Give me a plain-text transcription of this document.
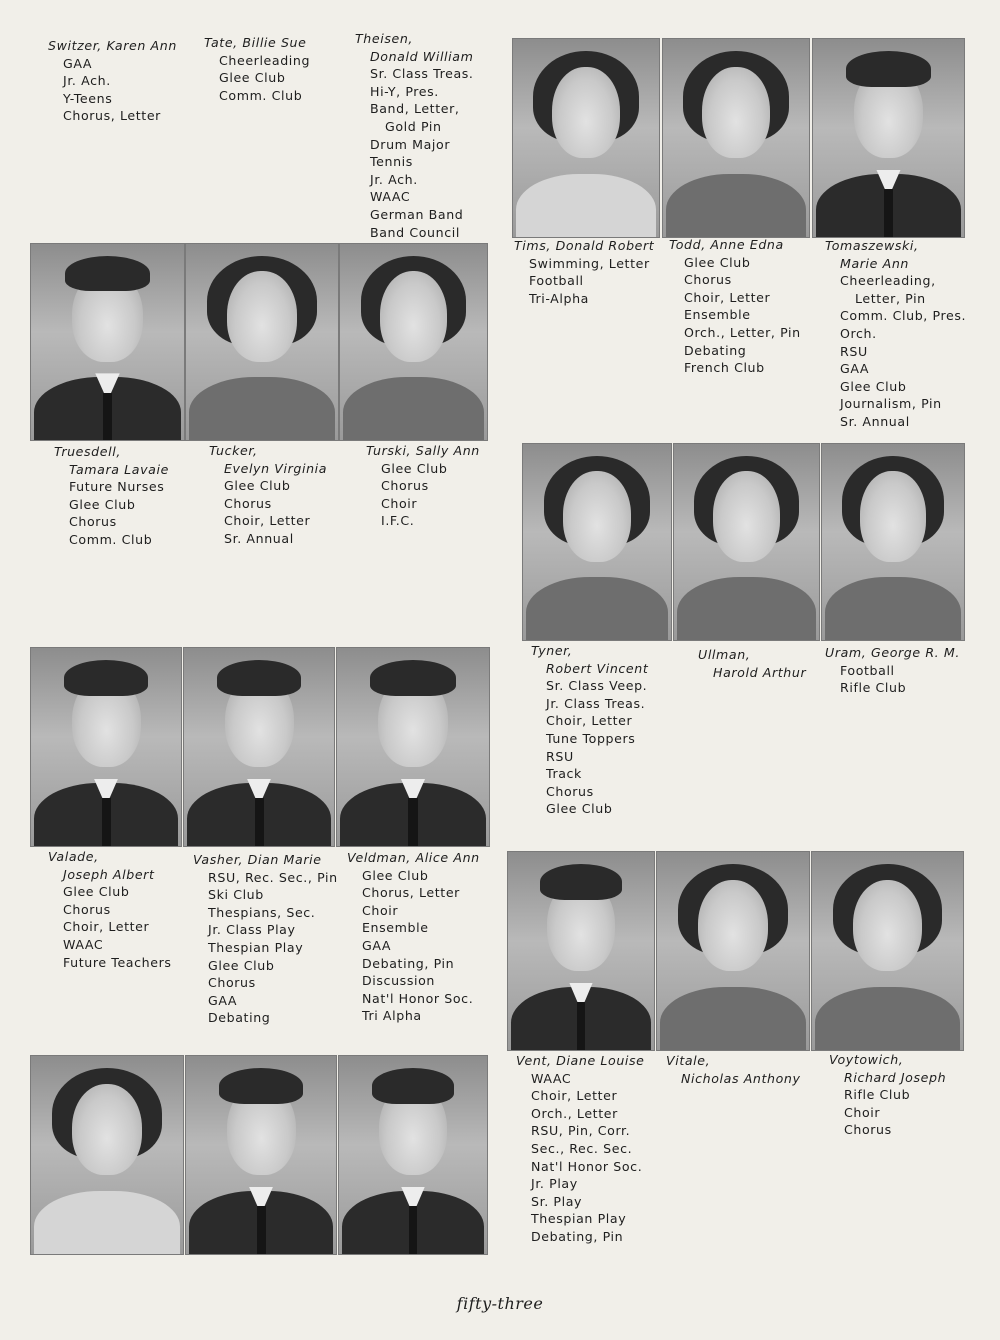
Switzer, Karen Ann
GAA
Jr. Ach.
Y-Teens
Chorus, Letter
Tate, Billie Sue
Cheerleading
Glee Club
Comm. Club
Theisen,
Donald William
Sr. Class Treas.
Hi-Y, Pres.
Band, Letter,
Gold Pin
Drum Major
Tennis
Jr. Ach.
WAAC
German Band
Band Council
Tims, Donald Robert
Swimming, Letter
Football
Tri-Alpha
Todd, Anne Edna
Glee Club
Chorus
Choir, Letter
Ensemble
Orch., Letter, Pin
Debating
French Club
Tomaszewski,
Marie Ann
Cheerleading,
Letter, Pin
Comm. Club, Pres.
Orch.
RSU
GAA
Glee Club
Journalism, Pin
Sr. Annual
Truesdell,
Tamara Lavaie
Future Nurses
Glee Club
Chorus
Comm. Club
Tucker,
Evelyn Virginia
Glee Club
Chorus
Choir, Letter
Sr. Annual
Turski, Sally Ann
Glee Club
Chorus
Choir
I.F.C.
Tyner,
Robert Vincent
Sr. Class Veep.
Jr. Class Treas.
Choir, Letter
Tune Toppers
RSU
Track
Chorus
Glee Club
Ullman,
Harold Arthur
Uram, George R. M.
Football
Rifle Club
Valade,
Joseph Albert
Glee Club
Chorus
Choir, Letter
WAAC
Future Teachers
Vasher, Dian Marie
RSU, Rec. Sec., Pin
Ski Club
Thespians, Sec.
Jr. Class Play
Thespian Play
Glee Club
Chorus
GAA
Debating
Veldman, Alice Ann
Glee Club
Chorus, Letter
Choir
Ensemble
GAA
Debating, Pin
Discussion
Nat'l Honor Soc.
Tri Alpha
Vent, Diane Louise
WAAC
Choir, Letter
Orch., Letter
RSU, Pin, Corr.
Sec., Rec. Sec.
Nat'l Honor Soc.
Jr. Play
Sr. Play
Thespian Play
Debating, Pin
Vitale,
Nicholas Anthony
Voytowich,
Richard Joseph
Rifle Club
Choir
Chorus
fifty-three
